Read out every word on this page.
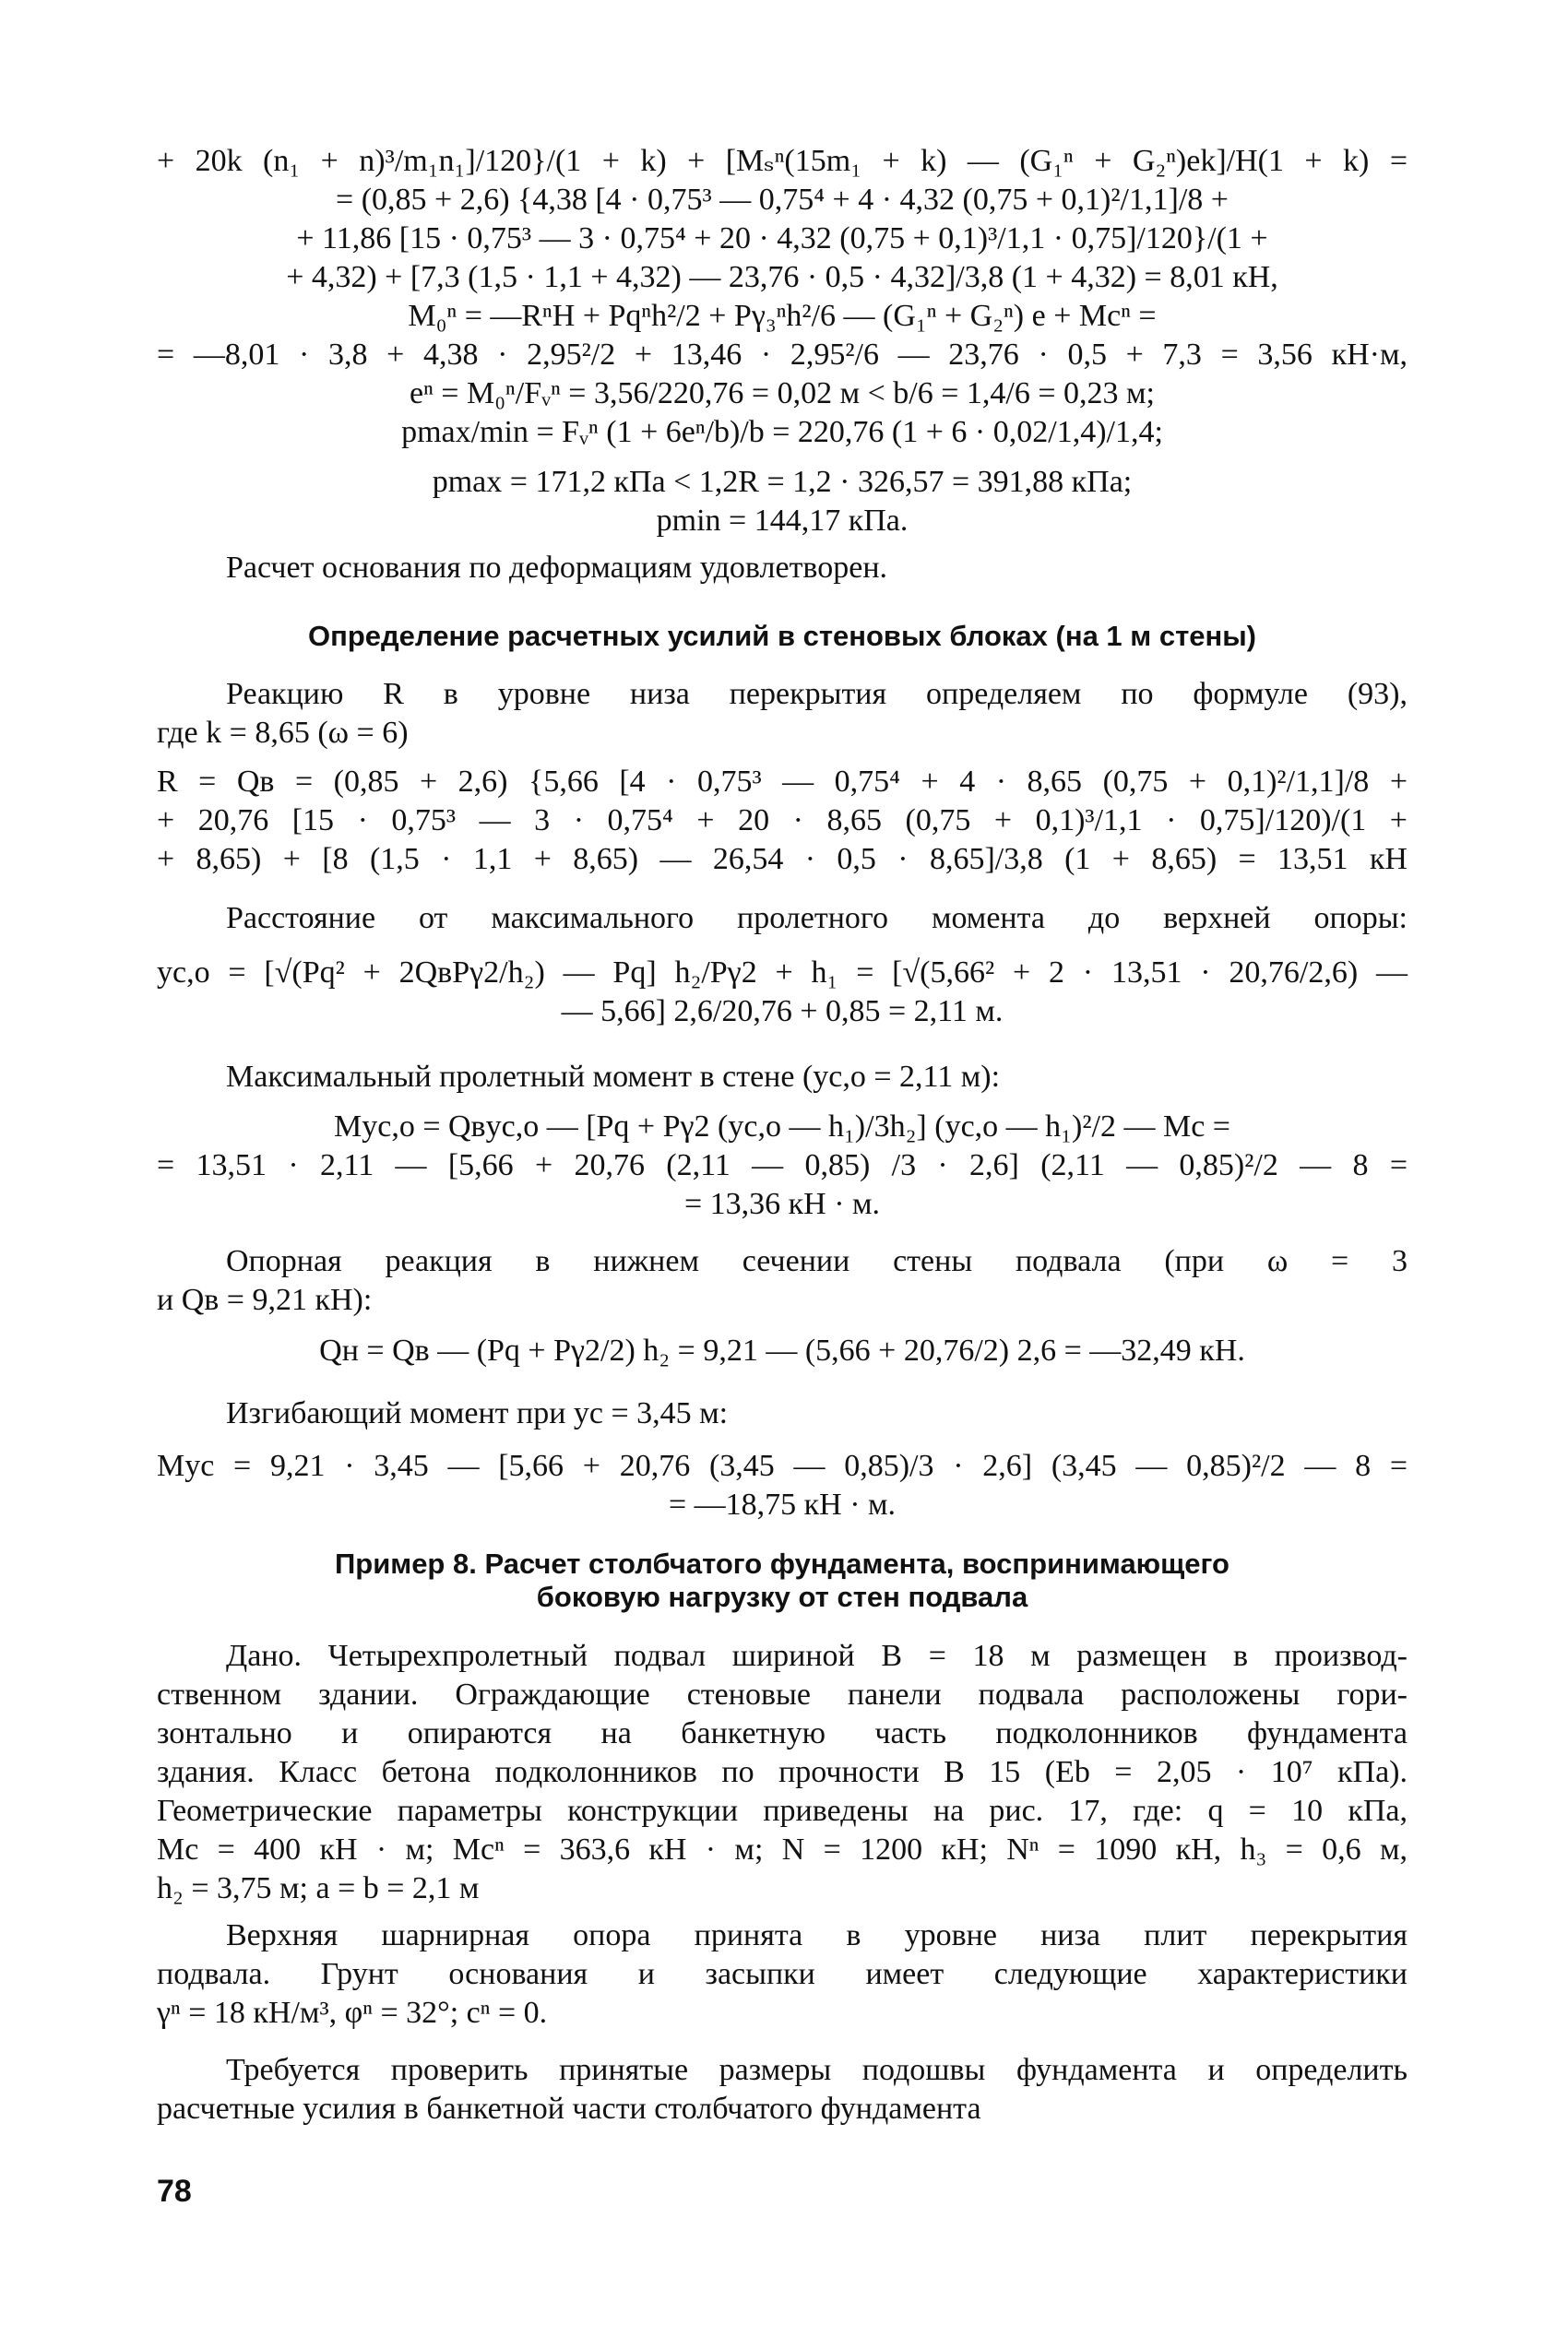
+ 20k (n₁ + n)³/m₁n₁]/120}/(1 + k) + [Mₛⁿ(15m₁ + k) — (G₁ⁿ + G₂ⁿ)ek]/H(1 + k) =
= (0,85 + 2,6) {4,38 [4 · 0,75³ — 0,75⁴ + 4 · 4,32 (0,75 + 0,1)²/1,1]/8 +
+ 11,86 [15 · 0,75³ — 3 · 0,75⁴ + 20 · 4,32 (0,75 + 0,1)³/1,1 · 0,75]/120}/(1 +
+ 4,32) + [7,3 (1,5 · 1,1 + 4,32) — 23,76 · 0,5 · 4,32]/3,8 (1 + 4,32) = 8,01 кН,
M₀ⁿ = —RⁿH + Pqⁿh²/2 + Pγ₃ⁿh²/6 — (G₁ⁿ + G₂ⁿ) e + Mcⁿ =
= —8,01 · 3,8 + 4,38 · 2,95²/2 + 13,46 · 2,95²/6 — 23,76 · 0,5 + 7,3 = 3,56 кН·м,
eⁿ = M₀ⁿ/Fᵥⁿ = 3,56/220,76 = 0,02 м < b/6 = 1,4/6 = 0,23 м;
pmax/min = Fᵥⁿ (1 + 6eⁿ/b)/b = 220,76 (1 + 6 · 0,02/1,4)/1,4;
pmax = 171,2 кПа < 1,2R = 1,2 · 326,57 = 391,88 кПа;
pmin = 144,17 кПа.
Расчет основания по деформациям удовлетворен.
Определение расчетных усилий в стеновых блоках (на 1 м стены)
Реакцию R в уровне низа перекрытия определяем по формуле (93),
где k = 8,65 (ω = 6)
R = Qв = (0,85 + 2,6) {5,66 [4 · 0,75³ — 0,75⁴ + 4 · 8,65 (0,75 + 0,1)²/1,1]/8 +
+ 20,76 [15 · 0,75³ — 3 · 0,75⁴ + 20 · 8,65 (0,75 + 0,1)³/1,1 · 0,75]/120)/(1 +
+ 8,65) + [8 (1,5 · 1,1 + 8,65) — 26,54 · 0,5 · 8,65]/3,8 (1 + 8,65) = 13,51 кН
Расстояние от максимального пролетного момента до верхней опоры:
yc,o = [√(Pq² + 2QвPγ2/h₂) — Pq] h₂/Pγ2 + h₁ = [√(5,66² + 2 · 13,51 · 20,76/2,6) —
— 5,66] 2,6/20,76 + 0,85 = 2,11 м.
Максимальный пролетный момент в стене (yc,o = 2,11 м):
Myc,o = Qвyc,o — [Pq + Pγ2 (yc,o — h₁)/3h₂] (yc,o — h₁)²/2 — Mc =
= 13,51 · 2,11 — [5,66 + 20,76 (2,11 — 0,85) /3 · 2,6] (2,11 — 0,85)²/2 — 8 =
= 13,36 кН · м.
Опорная реакция в нижнем сечении стены подвала (при ω = 3
и Qв = 9,21 кН):
Qн = Qв — (Pq + Pγ2/2) h₂ = 9,21 — (5,66 + 20,76/2) 2,6 = —32,49 кН.
Изгибающий момент при yc = 3,45 м:
Myc = 9,21 · 3,45 — [5,66 + 20,76 (3,45 — 0,85)/3 · 2,6] (3,45 — 0,85)²/2 — 8 =
= —18,75 кН · м.
Пример 8. Расчет столбчатого фундамента, воспринимающего
боковую нагрузку от стен подвала
Дано. Четырехпролетный подвал шириной B = 18 м размещен в производ-
ственном здании. Ограждающие стеновые панели подвала расположены гори-
зонтально и опираются на банкетную часть подколонников фундамента
здания. Класс бетона подколонников по прочности В 15 (Eb = 2,05 · 10⁷ кПа).
Геометрические параметры конструкции приведены на рис. 17, где: q = 10 кПа,
Mc = 400 кН · м; Mcⁿ = 363,6 кН · м; N = 1200 кН; Nⁿ = 1090 кН, h₃ = 0,6 м,
h₂ = 3,75 м; a = b = 2,1 м
Верхняя шарнирная опора принята в уровне низа плит перекрытия
подвала. Грунт основания и засыпки имеет следующие характеристики
γⁿ = 18 кН/м³, φⁿ = 32°; cⁿ = 0.
Требуется проверить принятые размеры подошвы фундамента и определить
расчетные усилия в банкетной части столбчатого фундамента
78
